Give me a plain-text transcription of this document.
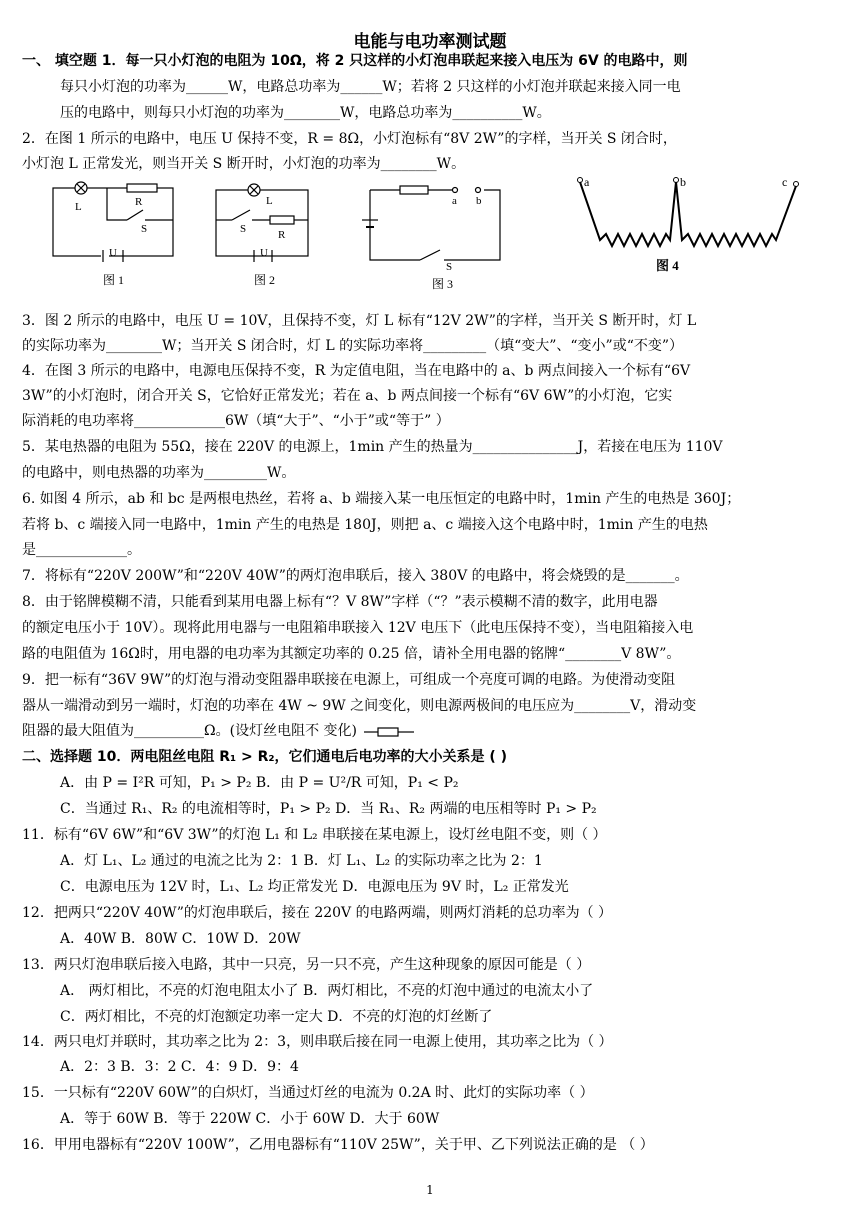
电能与电功率测试题
一、 填空题 1．每一只小灯泡的电阻为 10Ω，将 2 只这样的小灯泡串联起来接入电压为 6V 的电路中，则
每只小灯泡的功率为______W，电路总功率为______W；若将 2 只这样的小灯泡并联起来接入同一电
压的电路中，则每只小灯泡的功率为________W，电路总功率为__________W。
2．在图 1 所示的电路中，电压 U 保持不变，R = 8Ω，小灯泡标有“8V 2W”的字样，当开关 S 闭合时，
小灯泡 L 正常发光，则当开关 S 断开时，小灯泡的功率为________W。
L	R
S
U
图 1
L
S	R
U
图 2
a b
S
图 3
a	b	c
图 4
3．图 2 所示的电路中，电压 U = 10V，且保持不变，灯 L 标有“12V 2W”的字样，当开关 S 断开时，灯 L
的实际功率为________W；当开关 S 闭合时，灯 L 的实际功率将_________（填“变大”、“变小”或“不变”）
4．在图 3 所示的电路中，电源电压保持不变，R 为定值电阻，当在电路中的 a、b 两点间接入一个标有“6V
3W”的小灯泡时，闭合开关 S，它恰好正常发光；若在 a、b 两点间接一个标有“6V 6W”的小灯泡，它实
际消耗的电功率将_____________6W（填“大于”、“小于”或“等于” ）
5．某电热器的电阻为 55Ω，接在 220V 的电源上，1min 产生的热量为_______________J，若接在电压为 110V
的电路中，则电热器的功率为_________W。
6. 如图 4 所示，ab 和 bc 是两根电热丝，若将 a、b 端接入某一电压恒定的电路中时，1min 产生的电热是 360J；
若将 b、c 端接入同一电路中，1min 产生的电热是 180J，则把 a、c 端接入这个电路中时，1min 产生的电热
是_____________。
7．将标有“220V 200W”和“220V 40W”的两灯泡串联后，接入 380V 的电路中，将会烧毁的是_______。
8．由于铭牌模糊不清，只能看到某用电器上标有“？V 8W”字样（“？”表示模糊不清的数字，此用电器
的额定电压小于 10V）。现将此用电器与一电阻箱串联接入 12V 电压下（此电压保持不变），当电阻箱接入电
路的电阻值为 16Ω时，用电器的电功率为其额定功率的 0.25 倍，请补全用电器的铭牌“________V 8W”。
9．把一标有“36V 9W”的灯泡与滑动变阻器串联接在电源上，可组成一个亮度可调的电路。为使滑动变阻
器从一端滑动到另一端时，灯泡的功率在 4W ~ 9W 之间变化，则电源两极间的电压应为________V，滑动变
阻器的最大阻值为__________Ω。(设灯丝电阻不 变化)
二、选择题 10．两电阻丝电阻 R₁ > R₂，它们通电后电功率的大小关系是 ( )
A．由 P = I²R 可知，P₁ > P₂ B．由 P = U²/R 可知，P₁ < P₂
C．当通过 R₁、R₂ 的电流相等时，P₁ > P₂ D．当 R₁、R₂ 两端的电压相等时 P₁ > P₂
11．标有“6V 6W”和“6V 3W”的灯泡 L₁ 和 L₂ 串联接在某电源上，设灯丝电阻不变，则（ ）
A．灯 L₁、L₂ 通过的电流之比为 2：1 B．灯 L₁、L₂ 的实际功率之比为 2：1
C．电源电压为 12V 时，L₁、L₂ 均正常发光 D．电源电压为 9V 时，L₂ 正常发光
12．把两只“220V 40W”的灯泡串联后，接在 220V 的电路两端，则两灯消耗的总功率为（ ）
A．40W B．80W C．10W D．20W
13．两只灯泡串联后接入电路，其中一只亮，另一只不亮，产生这种现象的原因可能是（ ）
A． 两灯相比，不亮的灯泡电阻太小了 B．两灯相比，不亮的灯泡中通过的电流太小了
C．两灯相比，不亮的灯泡额定功率一定大 D．不亮的灯泡的灯丝断了
14．两只电灯并联时，其功率之比为 2：3，则串联后接在同一电源上使用，其功率之比为（ ）
A．2：3 B．3：2 C．4：9 D．9：4
15．一只标有“220V 60W”的白炽灯，当通过灯丝的电流为 0.2A 时、此灯的实际功率（ ）
A．等于 60W B．等于 220W C．小于 60W D．大于 60W
16．甲用电器标有“220V 100W”，乙用电器标有“110V 25W”，关于甲、乙下列说法正确的是 （ ）
1
